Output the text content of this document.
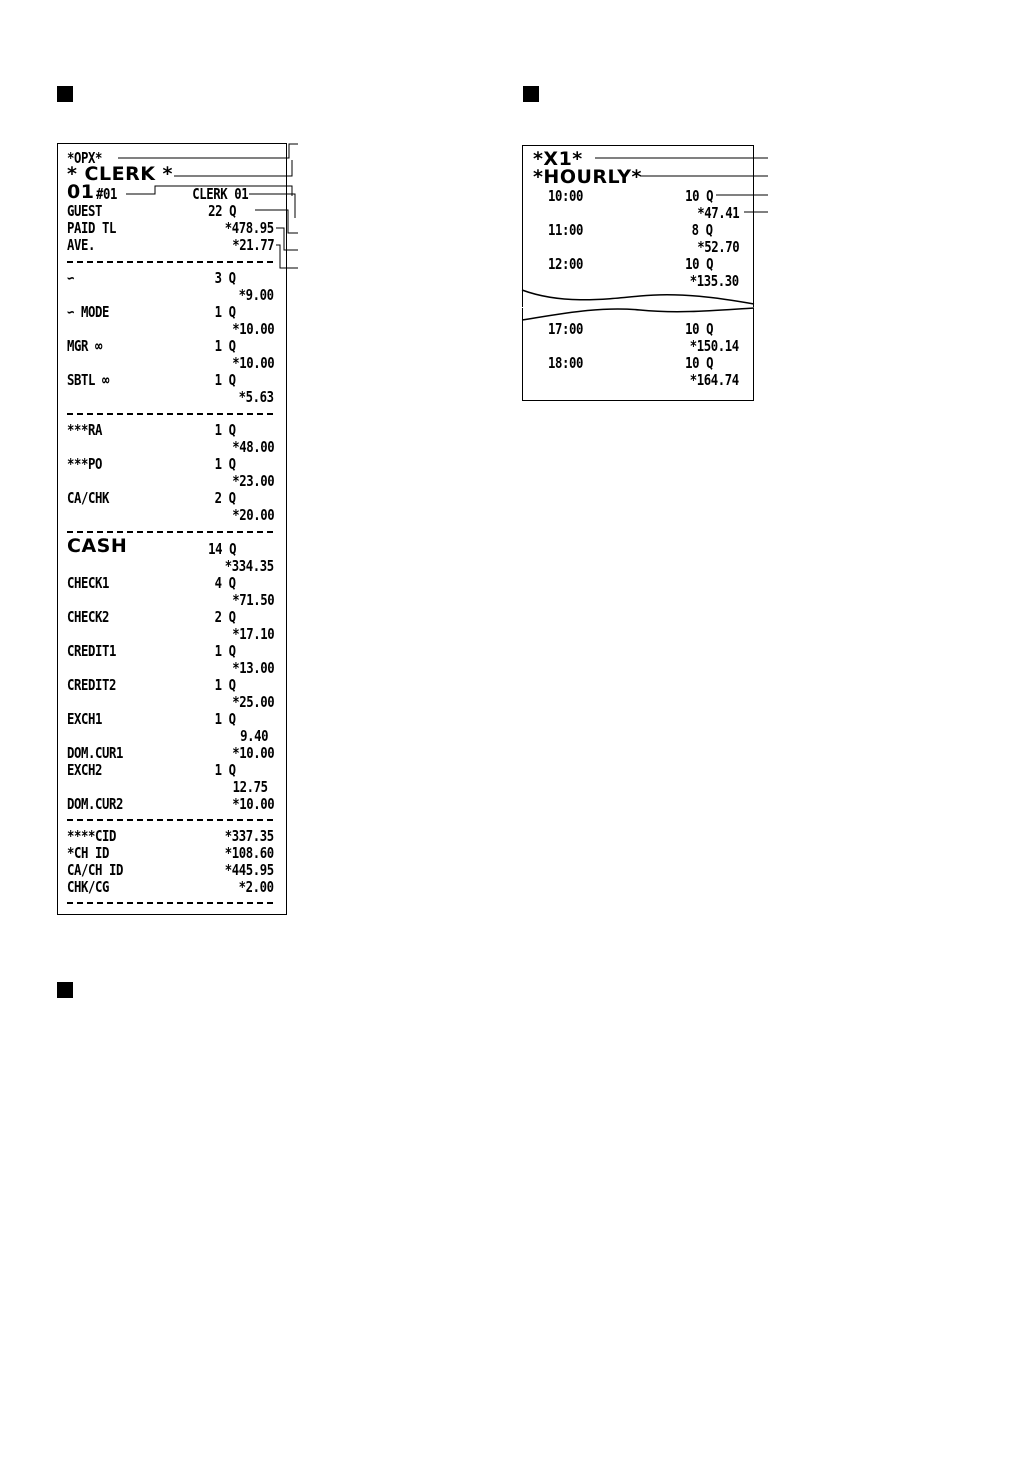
*OPX*
* CLERK *
01 #01	CLERK 01
GUEST	22 Q
PAID TL	*478.95
AVE.	*21.77
∽	3 Q
*9.00
∽ MODE	1 Q
*10.00
MGR ∞	1 Q
*10.00
SBTL ∞	1 Q
*5.63
***RA	1 Q
*48.00
***PO	1 Q
*23.00
CA/CHK	2 Q
*20.00
CASH	14 Q
*334.35
CHECK1	4 Q
*71.50
CHECK2	2 Q
*17.10
CREDIT1	1 Q
*13.00
CREDIT2	1 Q
*25.00
EXCH1	1 Q
9.40
DOM.CUR1	*10.00
EXCH2	1 Q
12.75
DOM.CUR2	*10.00
****CID	*337.35
*CH ID	*108.60
CA/CH ID	*445.95
CHK/CG	*2.00
*X1*
*HOURLY*
10:00	10 Q
*47.41
11:00	8 Q
*52.70
12:00	10 Q
*135.30
17:00	10 Q
*150.14
18:00	10 Q
*164.74
